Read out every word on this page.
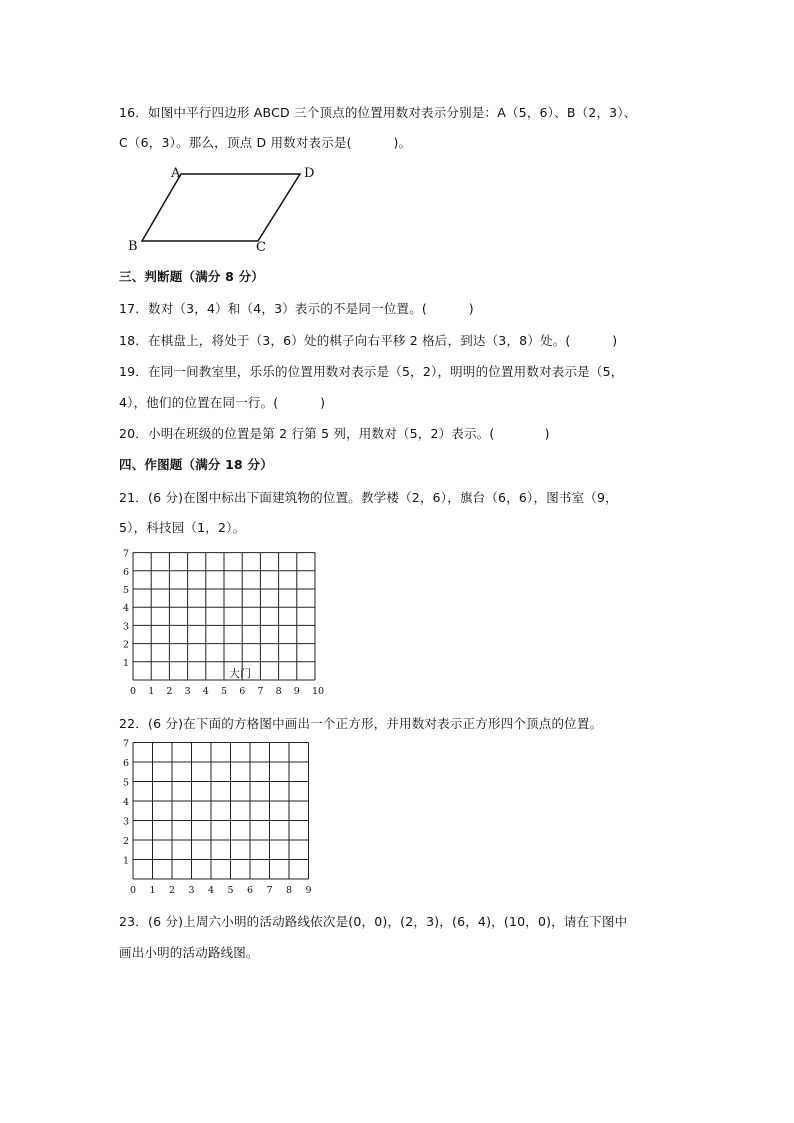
16．如图中平行四边形 ABCD 三个顶点的位置用数对表示分别是：A（5，6）、B（2，3）、
C（6，3）。那么，顶点 D 用数对表示是(          )。
A	D
B	C
三、判断题（满分 8 分）
17．数对（3，4）和（4，3）表示的不是同一位置。(          )
18．在棋盘上，将处于（3，6）处的棋子向右平移 2 格后，到达（3，8）处。(          )
19．在同一间教室里，乐乐的位置用数对表示是（5，2），明明的位置用数对表示是（5，
4），他们的位置在同一行。(          )
20．小明在班级的位置是第 2 行第 5 列，用数对（5，2）表示。(            )
四、作图题（满分 18 分）
21．(6 分)在图中标出下面建筑物的位置。教学楼（2，6），旗台（6，6），图书室（9，
5），科技园（1，2）。
大门
0 1 2 3 4 5 6 7 8 9 10
1
2
3
4
5
6
7
22．(6 分)在下面的方格图中画出一个正方形，并用数对表示正方形四个顶点的位置。
0 1 2 3 4 5 6 7 8 9
1
2
3
4
5
6
7
23．(6 分)上周六小明的活动路线依次是(0，0)，(2，3)，(6，4)，(10，0)，请在下图中
画出小明的活动路线图。
